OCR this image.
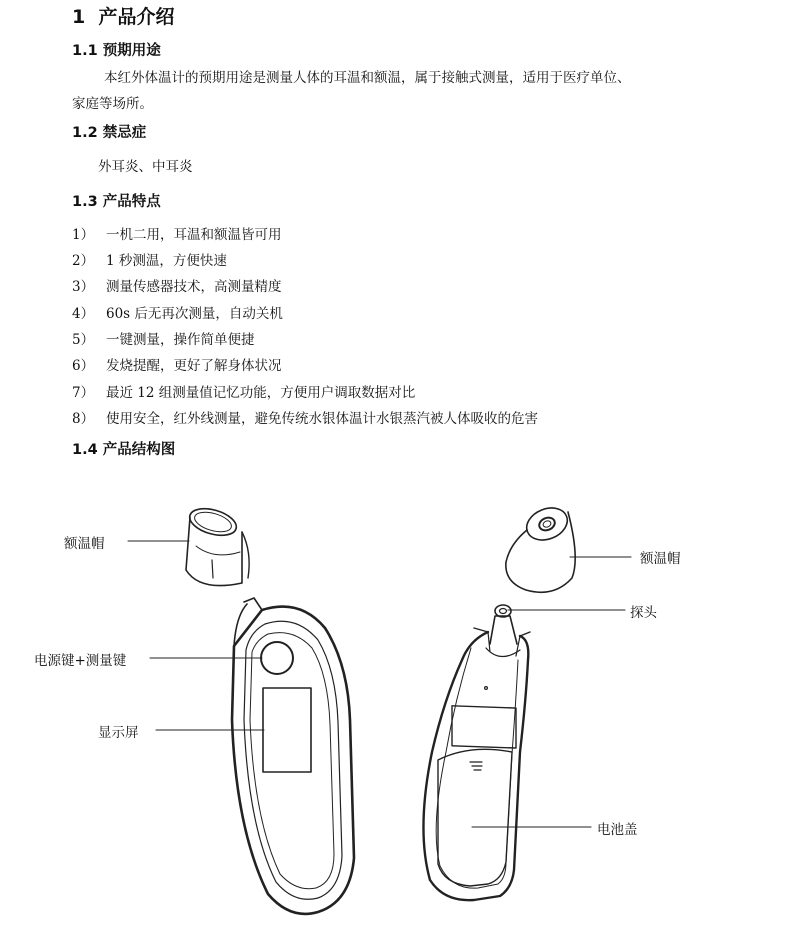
1 产品介绍
1.1 预期用途
本红外体温计的预期用途是测量人体的耳温和额温，属于接触式测量，适用于医疗单位、
家庭等场所。
1.2 禁忌症
外耳炎、中耳炎
1.3 产品特点
1） 一机二用，耳温和额温皆可用
2） 1 秒测温，方便快速
3） 测量传感器技术，高测量精度
4） 60s 后无再次测量，自动关机
5） 一键测量，操作简单便捷
6） 发烧提醒，更好了解身体状况
7） 最近 12 组测量值记忆功能，方便用户调取数据对比
8） 使用安全，红外线测量，避免传统水银体温计水银蒸汽被人体吸收的危害
1.4 产品结构图
额温帽
额温帽
探头
电源键+测量键
显示屏
电池盖
